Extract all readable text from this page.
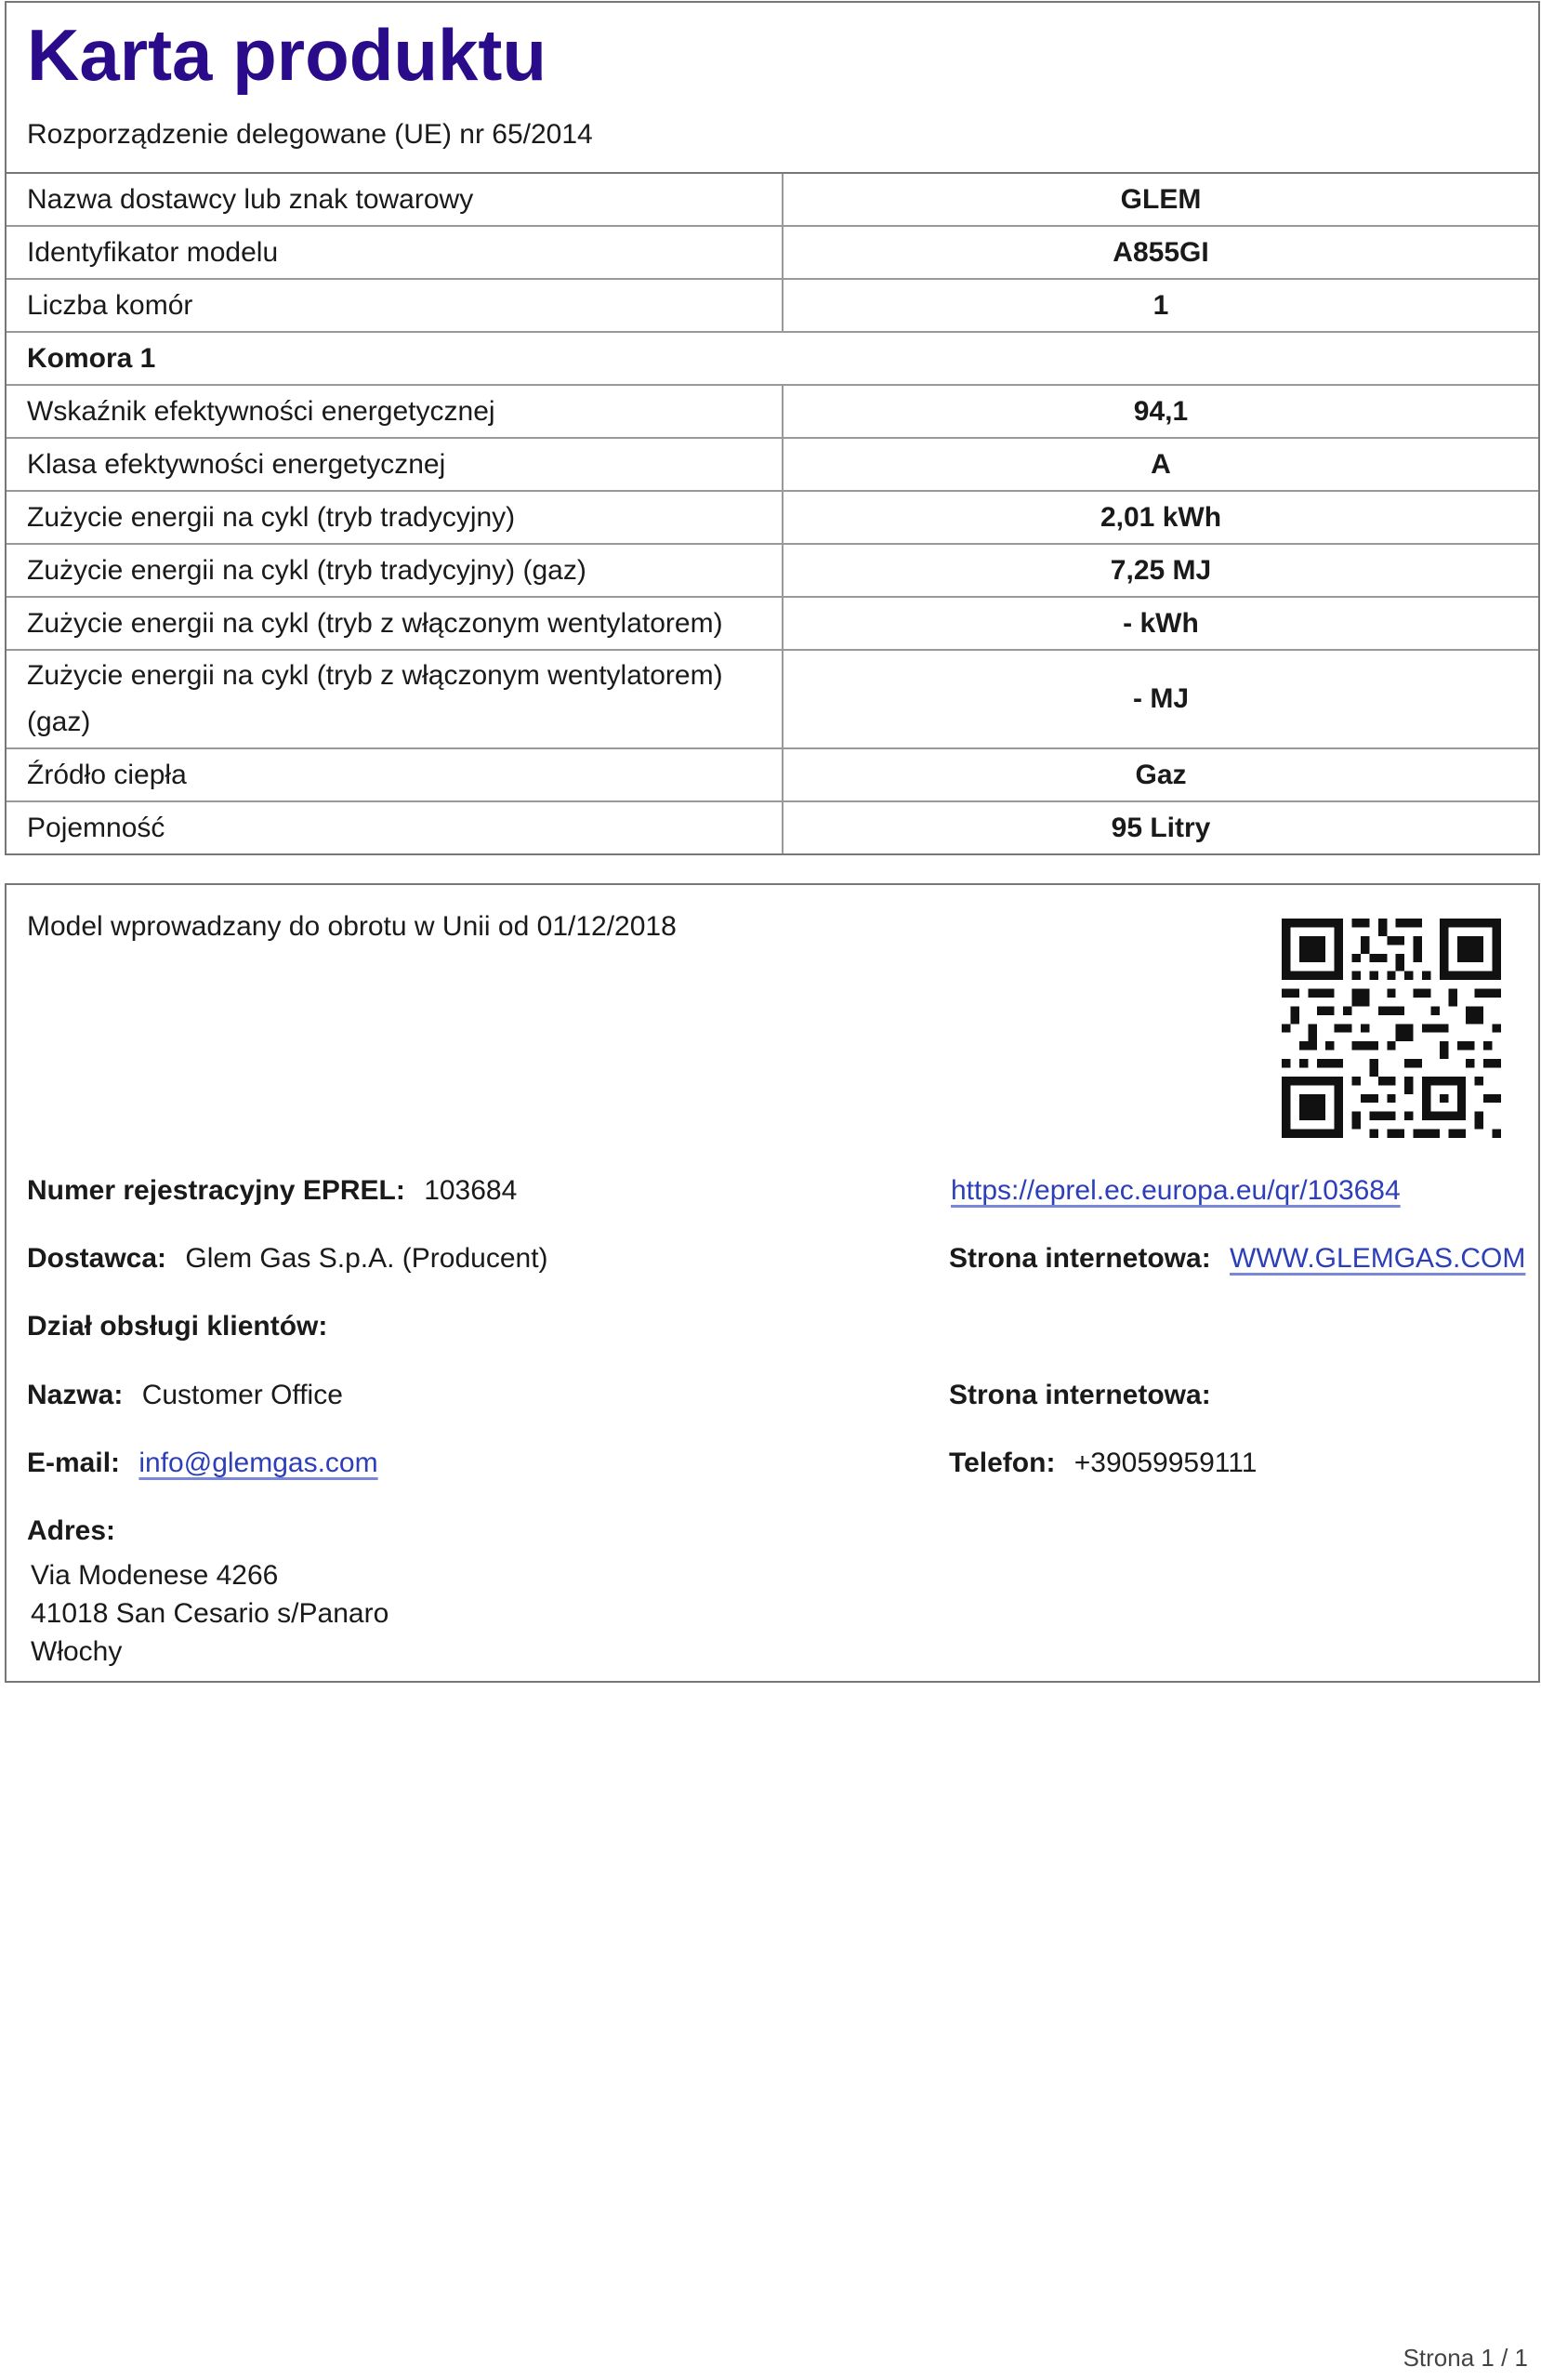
Karta produktu
Rozporządzenie delegowane (UE) nr 65/2014
Nazwa dostawcy lub znak towarowy	GLEM
Identyfikator modelu	A855GI
Liczba komór	1
Komora 1	
Wskaźnik efektywności energetycznej	94,1
Klasa efektywności energetycznej	A
Zużycie energii na cykl (tryb tradycyjny)	2,01 kWh
Zużycie energii na cykl (tryb tradycyjny) (gaz)	7,25 MJ
Zużycie energii na cykl (tryb z włączonym wentylatorem)	- kWh
Zużycie energii na cykl (tryb z włączonym wentylatorem) (gaz)	- MJ
Źródło ciepła	Gaz
Pojemność	95 Litry
Model wprowadzany do obrotu w Unii od 01/12/2018
Numer rejestracyjny EPREL: 103684	https://eprel.ec.europa.eu/qr/103684
Dostawca: Glem Gas S.p.A. (Producent)	Strona internetowa: WWW.GLEMGAS.COM
Dział obsługi klientów:
Nazwa: Customer Office	Strona internetowa:
E-mail: info@glemgas.com	Telefon: +39059959111
Adres:
Via Modenese 4266
41018 San Cesario s/Panaro
Włochy
Strona 1 / 1
